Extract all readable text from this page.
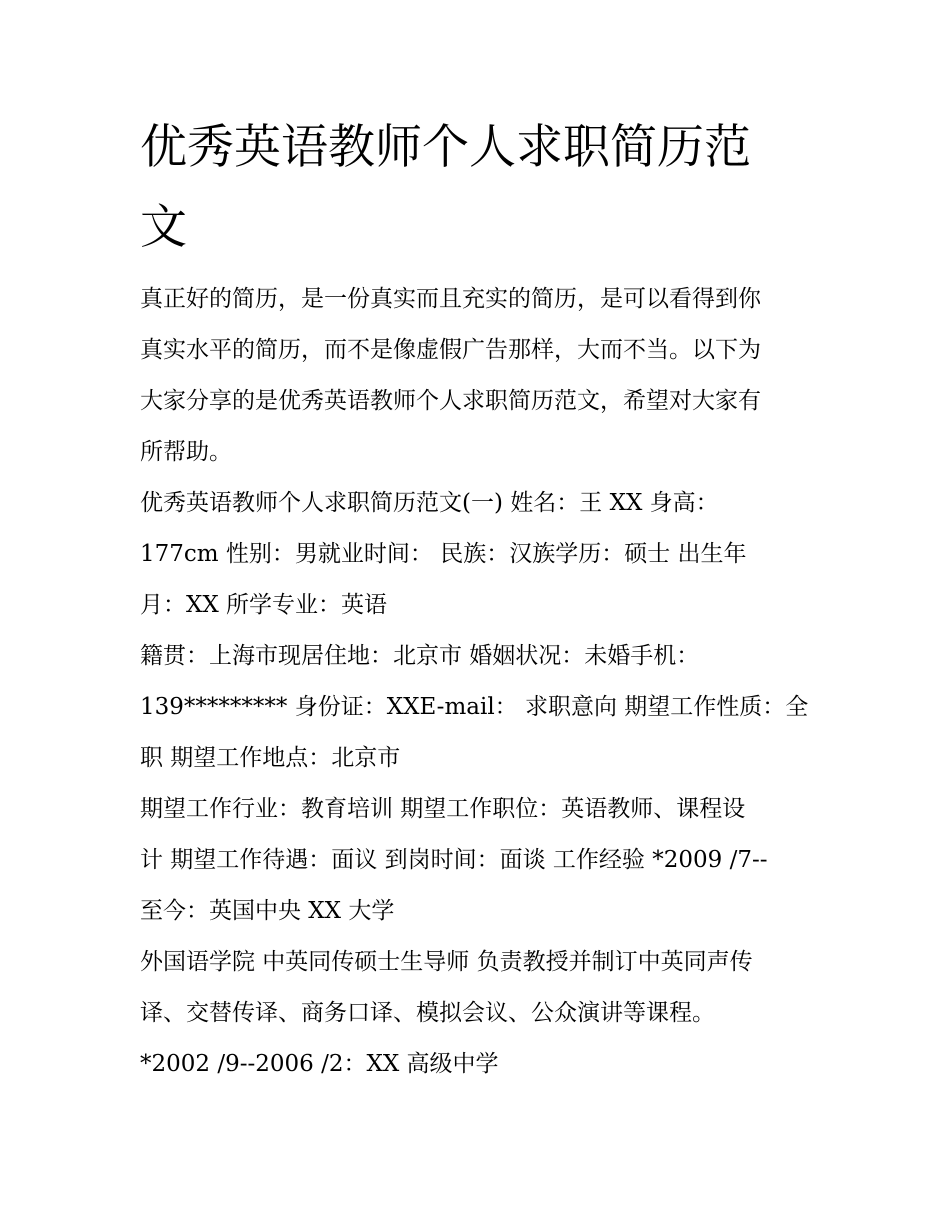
优秀英语教师个人求职简历范
文

真正好的简历，是一份真实而且充实的简历，是可以看得到你

真实水平的简历，而不是像虚假广告那样，大而不当。以下为

大家分享的是优秀英语教师个人求职简历范文，希望对大家有

所帮助。

优秀英语教师个人求职简历范文(一) 姓名：王 XX 身高：

177cm 性别：男就业时间： 民族：汉族学历：硕士 出生年

月：XX 所学专业：英语

籍贯：上海市现居住地：北京市 婚姻状况：未婚手机：

139********* 身份证：XXE-mail： 求职意向 期望工作性质：全

职 期望工作地点：北京市

期望工作行业：教育培训 期望工作职位：英语教师、课程设

计 期望工作待遇：面议 到岗时间：面谈 工作经验 *2009 /7--

至今：英国中央 XX 大学

外国语学院 中英同传硕士生导师 负责教授并制订中英同声传

译、交替传译、商务口译、模拟会议、公众演讲等课程。

*2002 /9--2006 /2：XX 高级中学
